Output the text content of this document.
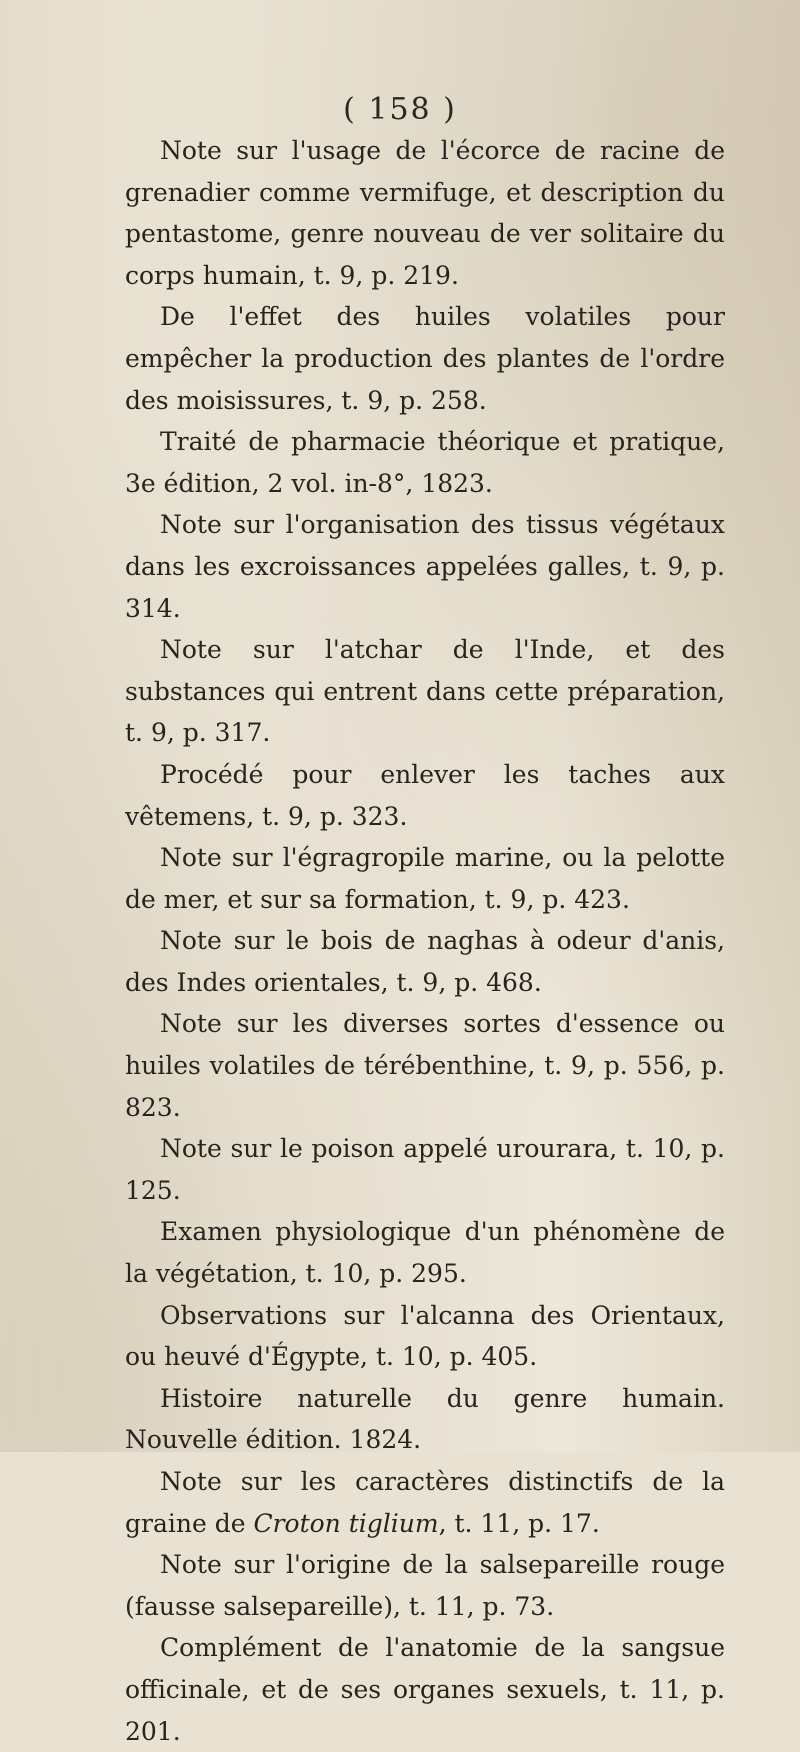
( 158 )

Note sur l'usage de l'écorce de racine de grenadier comme vermifuge, et description du pentastome, genre nouveau de ver solitaire du corps humain, t. 9, p. 219.

De l'effet des huiles volatiles pour empêcher la production des plantes de l'ordre des moisissures, t. 9, p. 258.

Traité de pharmacie théorique et pratique, 3e édition, 2 vol. in-8°, 1823.

Note sur l'organisation des tissus végétaux dans les excroissances appelées galles, t. 9, p. 314.

Note sur l'atchar de l'Inde, et des substances qui entrent dans cette préparation, t. 9, p. 317.

Procédé pour enlever les taches aux vêtemens, t. 9, p. 323.

Note sur l'égragropile marine, ou la pelotte de mer, et sur sa formation, t. 9, p. 423.

Note sur le bois de naghas à odeur d'anis, des Indes orientales, t. 9, p. 468.

Note sur les diverses sortes d'essence ou huiles volatiles de térébenthine, t. 9, p. 556, p. 823.

Note sur le poison appelé urourara, t. 10, p. 125.

Examen physiologique d'un phénomène de la végétation, t. 10, p. 295.

Observations sur l'alcanna des Orientaux, ou heuvé d'Égypte, t. 10, p. 405.

Histoire naturelle du genre humain. Nouvelle édition. 1824.

Note sur les caractères distinctifs de la graine de Croton tiglium, t. 11, p. 17.

Note sur l'origine de la salsepareille rouge (fausse salsepareille), t. 11, p. 73.

Complément de l'anatomie de la sangsue officinale, et de ses organes sexuels, t. 11, p. 201.
